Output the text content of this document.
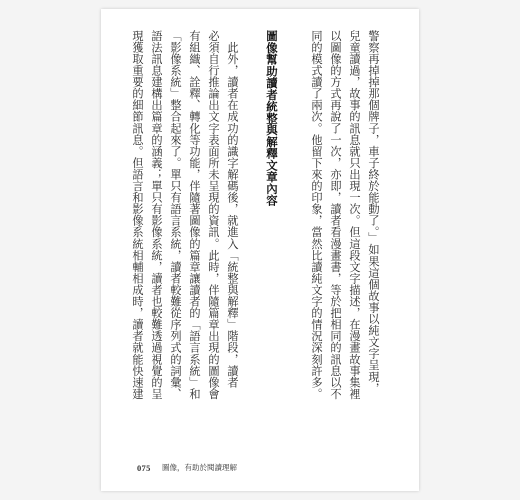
警察再掉掉那個牌子，車子終於能動了。」如果這個故事以純文字呈現，
兒童讀過，故事的訊息就只出現一次。但這段文字描述，在漫畫故事集裡
以圖像的方式再說了一次，亦即，讀者看漫畫書，等於把相同的訊息以不
同的模式讀了兩次。他留下來的印象，當然比讀純文字的情況深刻許多。
圖像幫助讀者統整與解釋文章內容
　此外，讀者在成功的識字解碼後，就進入「統整與解釋」階段，讀者
必須自行推論出文字表面所未呈現的資訊。此時，伴隨篇章出現的圖像會
有組織、詮釋、轉化等功能，伴隨著圖像的篇章讓讀者的「語言系統」和
「影像系統」整合起來了。單只有語言系統，讀者較難從序列式的詞彙、
語法訊息建構出篇章的涵義；單只有影像系統，讀者也較難透過視覺的呈
現獲取重要的細節訊息。但語言和影像系統相輔相成時，讀者就能快速建
075 圖像，有助於閱讀理解
